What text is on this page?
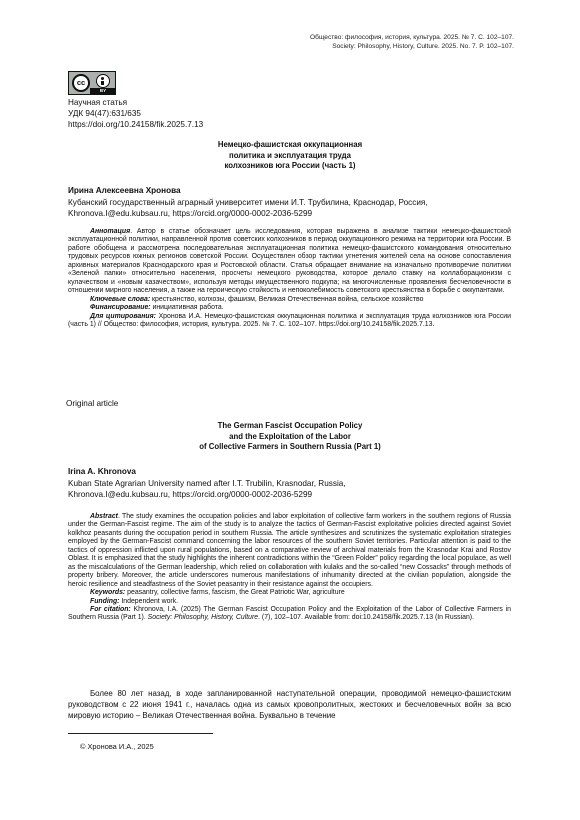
Общество: философия, история, культура. 2025. № 7. С. 102–107.
Society: Philosophy, History, Culture. 2025. No. 7. P. 102–107.
cc
BY
Научная статья
УДК 94(47):631/635
https://doi.org/10.24158/fik.2025.7.13
Немецко-фашистская оккупационная
политика и эксплуатация труда
колхозников юга России (часть 1)
Ирина Алексеевна Хронова
Кубанский государственный аграрный университет имени И.Т. Трубилина, Краснодар, Россия,
Khronova.I@edu.kubsau.ru, https://orcid.org/0000-0002-2036-5299

Аннотация. Автор в статье обозначает цель исследования, которая выражена в анализе тактики немецко-фашистской эксплуатационной политики, направленной против советских колхозников в период оккупационного режима на территории юга России. В работе обобщена и рассмотрена последовательная эксплуатационная политика немецко-фашистского командования относительно трудовых ресурсов южных регионов советской России. Осуществлен обзор тактики угнетения жителей села на основе сопоставления архивных материалов Краснодарского края и Ростовской области. Статья обращает внимание на изначально противоречие политики «Зеленой папки» относительно населения, просчеты немецкого руководства, которое делало ставку на коллаборационизм с кулачеством и «новым казачеством», используя методы имущественного подкупа; на многочисленные проявления бесчеловечности в отношении мирного населения, а также на героическую стойкость и непоколебимость советского крестьянства в борьбе с оккупантами.

Ключевые слова: крестьянство, колхозы, фашизм, Великая Отечественная война, сельское хозяйство

Финансирование: инициативная работа.

Для цитирования: Хронова И.А. Немецко-фашистская оккупационная политика и эксплуатация труда колхозников юга России (часть 1) // Общество: философия, история, культура. 2025. № 7. С. 102–107. https://doi.org/10.24158/fik.2025.7.13.

Original article
The German Fascist Occupation Policy
and the Exploitation of the Labor
of Collective Farmers in Southern Russia (Part 1)
Irina A. Khronova
Kuban State Agrarian University named after I.T. Trubilin, Krasnodar, Russia,
Khronova.I@edu.kubsau.ru, https://orcid.org/0000-0002-2036-5299

Abstract. The study examines the occupation policies and labor exploitation of collective farm workers in the southern regions of Russia under the German-Fascist regime. The aim of the study is to analyze the tactics of German-Fascist exploitative policies directed against Soviet kolkhoz peasants during the occupation period in southern Russia. The article synthesizes and scrutinizes the systematic exploitation strategies employed by the German-Fascist command concerning the labor resources of the southern Soviet territories. Particular attention is paid to the tactics of oppression inflicted upon rural populations, based on a comparative review of archival materials from the Krasnodar Krai and Rostov Oblast. It is emphasized that the study highlights the inherent contradictions within the “Green Folder” policy regarding the local populace, as well as the miscalculations of the German leadership, which relied on collaboration with kulaks and the so-called “new Cossacks” through methods of property bribery. Moreover, the article underscores numerous manifestations of inhumanity directed at the civilian population, alongside the heroic resilience and steadfastness of the Soviet peasantry in their resistance against the occupiers.

Keywords: peasantry, collective farms, fascism, the Great Patriotic War, agriculture

Funding: Independent work.

For citation: Khronova, I.A. (2025) The German Fascist Occupation Policy and the Exploitation of the Labor of Collective Farmers in Southern Russia (Part 1). Society: Philosophy, History, Culture. (7), 102–107. Available from: doi:10.24158/fik.2025.7.13 (In Russian).

Более 80 лет назад, в ходе запланированной наступательной операции, проводимой немецко-фашистским руководством с 22 июня 1941 г., началась одна из самых кровопролитных, жестоких и бесчеловечных войн за всю мировую историю – Великая Отечественная война. Буквально в течение

© Хронова И.А., 2025
